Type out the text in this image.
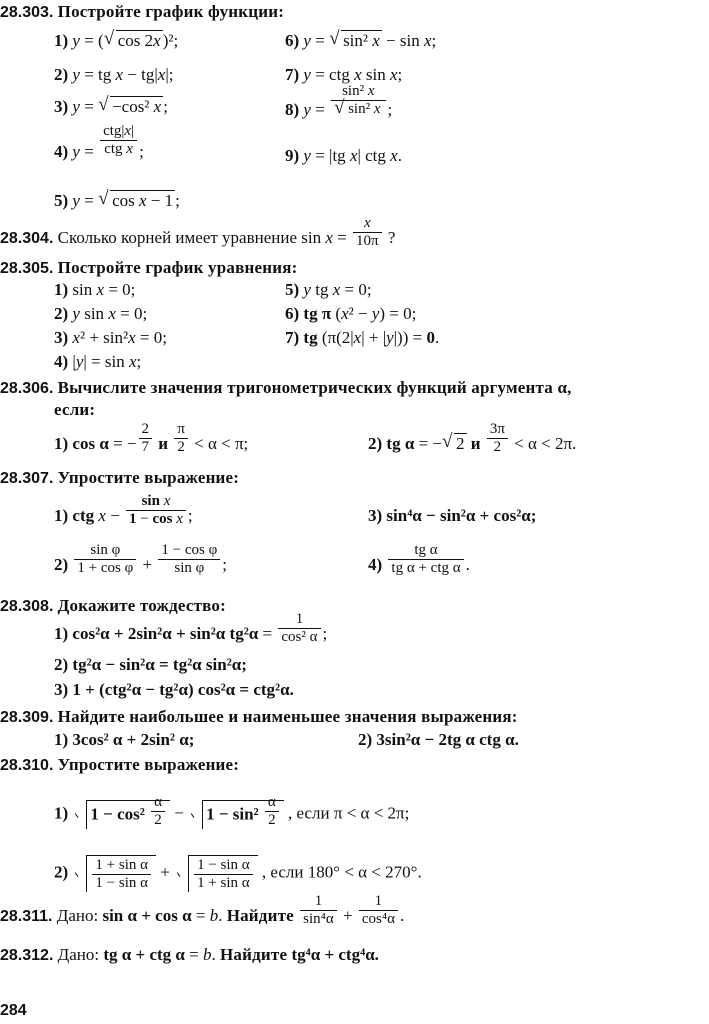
28.303. Постройте график функции:
1) y = ( √ cos 2x )²;
2) y = tg x − tg|x|;
3) y = √ −cos² x ;
4) y =
ctg|x|
ctg x ;
5) y = √ cos x − 1 ;
6) y = √ sin² x − sin x;
7) y = ctg x sin x;
8) y = sin² x
√ sin² x ;
9) y = |tg x| ctg x.
28.304. Сколько корней имеет уравнение $\sin x = \frac{x}{10\pi}$ ?
28.305. Постройте график уравнения:
1) sin x = 0;
2) y sin x = 0;
3) x² + sin²x = 0;
4) |y| = sin x;
5) y tg x = 0;
6) tg π (x² − y) = 0;
7) tg (π(2|x| + |y|)) = 0.
28.306. Вычислите значения тригонометрических функций аргумента α,
если:
1) cos α = − $\frac{2}{7}$ и $\frac{\pi}{2} < \alpha < \pi$;	2) tg α = − √ 2 и $\frac{3\pi}{2} < \alpha < 2\pi$.
28.307. Упростите выражение:
1) ctg $x - \frac{\text{sin x}}{\text{1 − cos x}}$ ;
$2) \frac{\text{sin φ}}{\text{1 + cos φ}} + \frac{\text{1 − cos φ}}{\text{sin φ}}$ ;
3) sin⁴α − sin²α + cos²α;
4)
tg α
tg α + ctg α .
28.308. Докажите тождество:
1) cos²α + 2sin²α + sin²α $tg^2\alpha = \frac{1}{\text{cos² α}}$ ;
2) tg²α − sin²α = tg²α sin²α;
3) 1 + (ctg²α − tg²α) cos²α = ctg²α.
28.309. Найдите наибольшее и наименьшее значения выражения:
1) 3cos² α + 2sin² α;	2) 3sin²α − 2tg α ctg α.
28.310. Упростите выражение:
1) $1 - \cos^2 \frac{\alpha}{2} - 1 - \sin^2 \frac{\alpha}{2}$ , если π < α < 2π;
$2) \frac{\text{1 + sin α}}{\text{1 − sin α}} + \frac{\text{1 − sin α}}{\text{1 + sin α}}$ , если 180° < α < 270°.
28.311. Дано: sin α + cos α = b. Найдите $\frac{1}{\text{sin⁴α}} + \frac{1}{\text{cos⁴α}}$ .
28.312. Дано: tg α + ctg α = b. Найдите tg⁴α + ctg⁴α.
284
